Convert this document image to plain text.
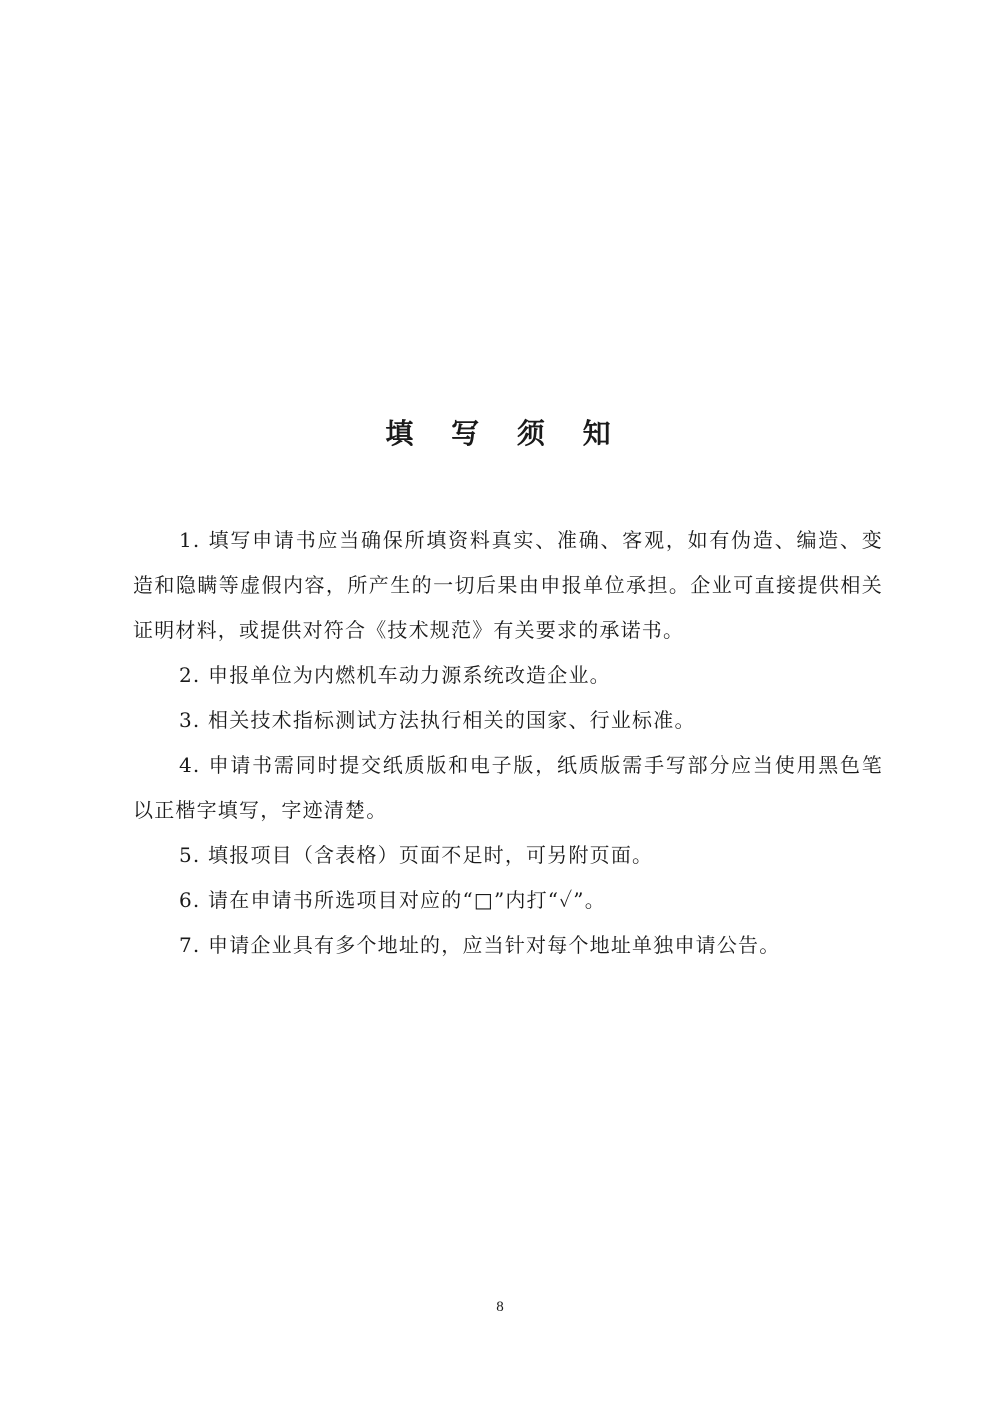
填 写 须 知

1. 填写申请书应当确保所填资料真实、准确、客观，如有伪造、编造、变造和隐瞒等虚假内容，所产生的一切后果由申报单位承担。企业可直接提供相关证明材料，或提供对符合《技术规范》有关要求的承诺书。

2. 申报单位为内燃机车动力源系统改造企业。

3. 相关技术指标测试方法执行相关的国家、行业标准。

4. 申请书需同时提交纸质版和电子版，纸质版需手写部分应当使用黑色笔以正楷字填写，字迹清楚。

5. 填报项目（含表格）页面不足时，可另附页面。

6. 请在申请书所选项目对应的“□”内打“✓”。

7. 申请企业具有多个地址的，应当针对每个地址单独申请公告。

8
